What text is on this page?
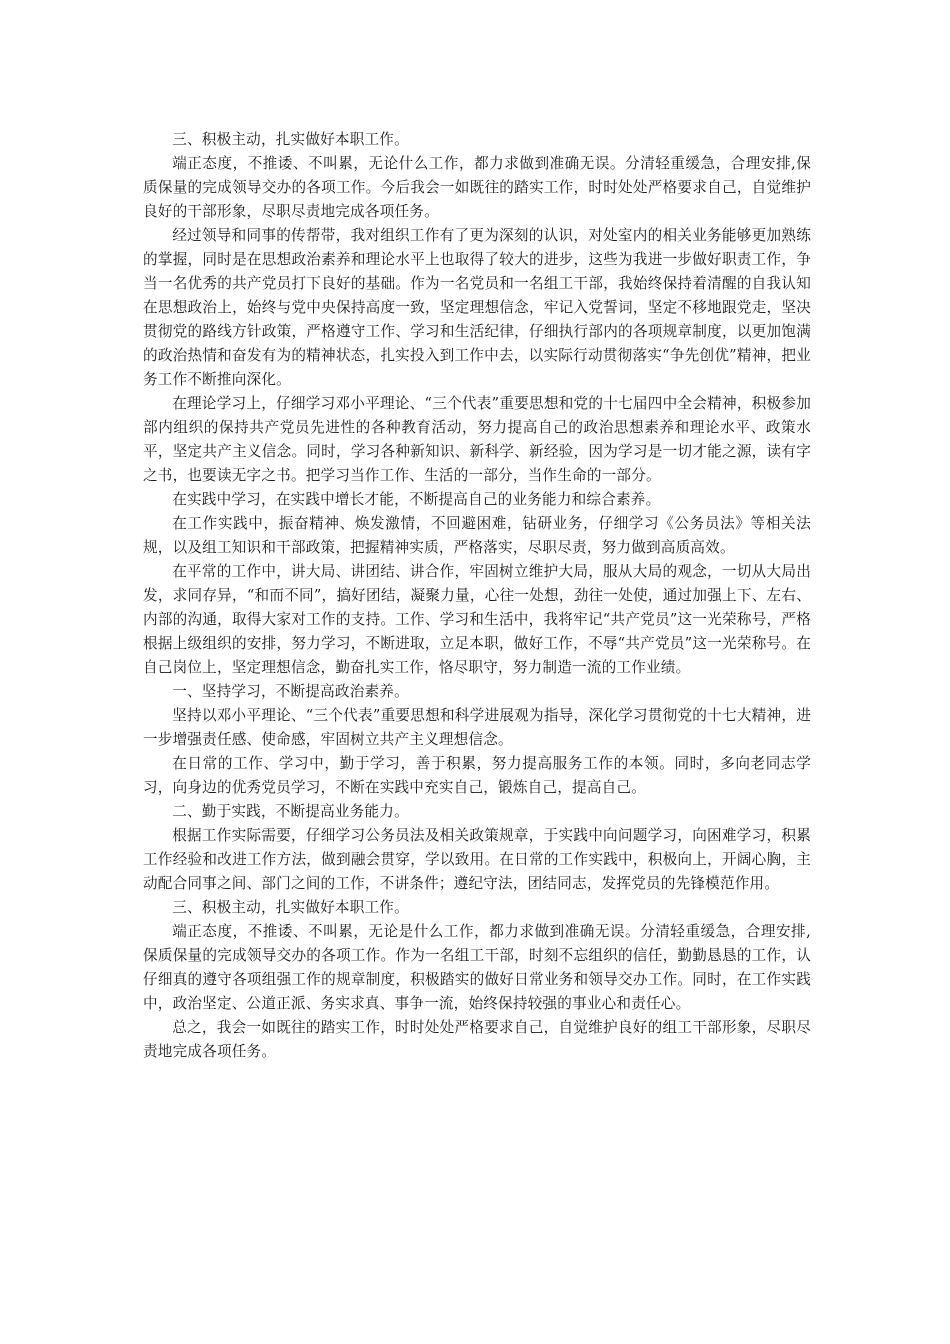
三、积极主动，扎实做好本职工作。

端正态度，不推诿、不叫累，无论什么工作，都力求做到准确无误。分清轻重缓急，合理安排,保质保量的完成领导交办的各项工作。今后我会一如既往的踏实工作，时时处处严格要求自己，自觉维护良好的干部形象，尽职尽责地完成各项任务。

经过领导和同事的传帮带，我对组织工作有了更为深刻的认识，对处室内的相关业务能够更加熟练的掌握，同时是在思想政治素养和理论水平上也取得了较大的进步，这些为我进一步做好职责工作，争当一名优秀的共产党员打下良好的基础。作为一名党员和一名组工干部，我始终保持着清醒的自我认知在思想政治上，始终与党中央保持高度一致，坚定理想信念，牢记入党誓词，坚定不移地跟党走，坚决贯彻党的路线方针政策，严格遵守工作、学习和生活纪律，仔细执行部内的各项规章制度，以更加饱满的政治热情和奋发有为的精神状态，扎实投入到工作中去，以实际行动贯彻落实“争先创优”精神，把业务工作不断推向深化。

在理论学习上，仔细学习邓小平理论、“三个代表”重要思想和党的十七届四中全会精神，积极参加部内组织的保持共产党员先进性的各种教育活动，努力提高自己的政治思想素养和理论水平、政策水平，坚定共产主义信念。同时，学习各种新知识、新科学、新经验，因为学习是一切才能之源，读有字之书，也要读无字之书。把学习当作工作、生活的一部分，当作生命的一部分。

在实践中学习，在实践中增长才能，不断提高自己的业务能力和综合素养。

在工作实践中，振奋精神、焕发激情，不回避困难，钻研业务，仔细学习《公务员法》等相关法规，以及组工知识和干部政策，把握精神实质，严格落实，尽职尽责，努力做到高质高效。

在平常的工作中，讲大局、讲团结、讲合作，牢固树立维护大局，服从大局的观念，一切从大局出发，求同存异，“和而不同”，搞好团结，凝聚力量，心往一处想，劲往一处使，通过加强上下、左右、内部的沟通，取得大家对工作的支持。工作、学习和生活中，我将牢记“共产党员”这一光荣称号，严格根据上级组织的安排，努力学习，不断进取，立足本职，做好工作，不辱“共产党员”这一光荣称号。在自己岗位上，坚定理想信念，勤奋扎实工作，恪尽职守，努力制造一流的工作业绩。

一、坚持学习，不断提高政治素养。

坚持以邓小平理论、“三个代表”重要思想和科学进展观为指导，深化学习贯彻党的十七大精神，进一步增强责任感、使命感，牢固树立共产主义理想信念。

在日常的工作、学习中，勤于学习，善于积累，努力提高服务工作的本领。同时，多向老同志学习，向身边的优秀党员学习，不断在实践中充实自己，锻炼自己，提高自己。

二、勤于实践，不断提高业务能力。

根据工作实际需要，仔细学习公务员法及相关政策规章，于实践中向问题学习，向困难学习，积累工作经验和改进工作方法，做到融会贯穿，学以致用。在日常的工作实践中，积极向上，开阔心胸，主动配合同事之间、部门之间的工作，不讲条件；遵纪守法，团结同志，发挥党员的先锋模范作用。

三、积极主动，扎实做好本职工作。

端正态度，不推诿、不叫累，无论是什么工作，都力求做到准确无误。分清轻重缓急，合理安排,保质保量的完成领导交办的各项工作。作为一名组工干部，时刻不忘组织的信任，勤勤恳恳的工作，认仔细真的遵守各项组强工作的规章制度，积极踏实的做好日常业务和领导交办工作。同时，在工作实践中，政治坚定、公道正派、务实求真、事争一流，始终保持较强的事业心和责任心。

总之，我会一如既往的踏实工作，时时处处严格要求自己，自觉维护良好的组工干部形象，尽职尽责地完成各项任务。
